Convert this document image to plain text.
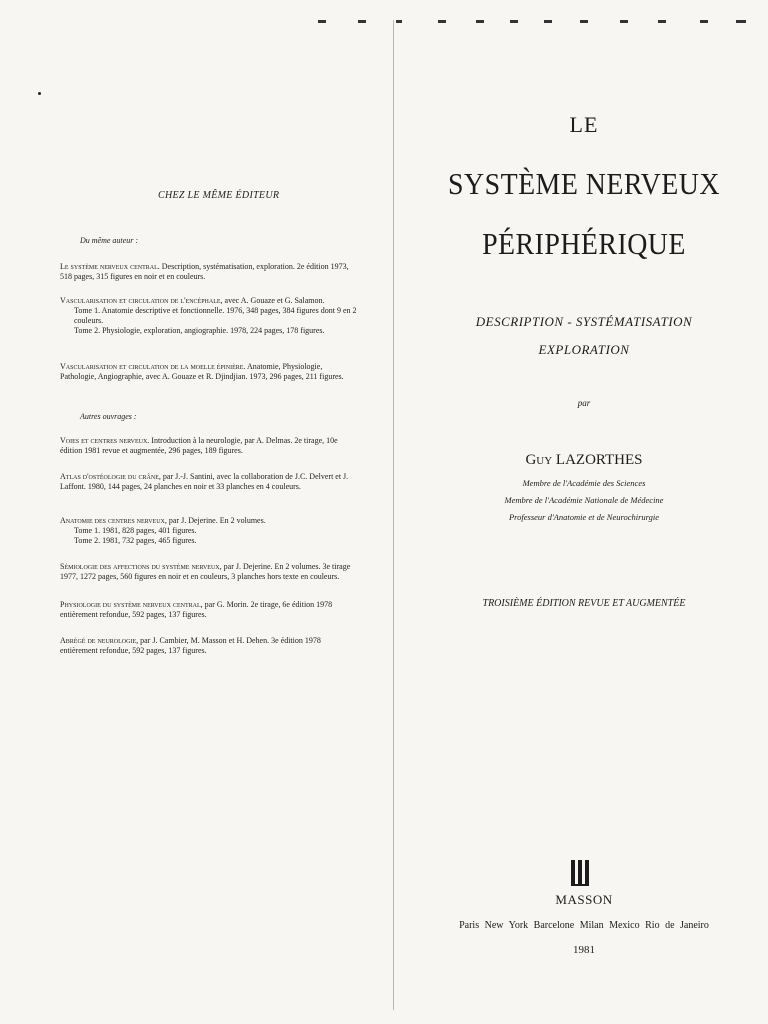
CHEZ LE MÊME ÉDITEUR
Du même auteur :
Le système nerveux central. Description, systématisation, exploration. 2e édition 1973, 518 pages, 315 figures en noir et en couleurs.
Vascularisation et circulation de l'encéphale, avec A. Gouaze et G. Salamon.
Tome 1. Anatomie descriptive et fonctionnelle. 1976, 348 pages, 384 figures dont 9 en 2 couleurs.
Tome 2. Physiologie, exploration, angiographie. 1978, 224 pages, 178 figures.
Vascularisation et circulation de la moelle épinière. Anatomie, Physiologie, Pathologie, Angiographie, avec A. Gouaze et R. Djindjian. 1973, 296 pages, 211 figures.
Autres ouvrages :
Voies et centres nerveux. Introduction à la neurologie, par A. Delmas. 2e tirage, 10e édition 1981 revue et augmentée, 296 pages, 189 figures.
Atlas d'ostéologie du crâne, par J.-J. Santini, avec la collaboration de J.C. Delvert et J. Laffont. 1980, 144 pages, 24 planches en noir et 33 planches en 4 couleurs.
Anatomie des centres nerveux, par J. Dejerine. En 2 volumes.
Tome 1. 1981, 828 pages, 401 figures.
Tome 2. 1981, 732 pages, 465 figures.
Sémiologie des affections du système nerveux, par J. Dejerine. En 2 volumes. 3e tirage 1977, 1272 pages, 560 figures en noir et en couleurs, 3 planches hors texte en couleurs.
Physiologie du système nerveux central, par G. Morin. 2e tirage, 6e édition 1978 entièrement refondue, 592 pages, 137 figures.
Abrégé de neurologie, par J. Cambier, M. Masson et H. Dehen. 3e édition 1978 entièrement refondue, 592 pages, 137 figures.
LE
SYSTÈME NERVEUX
PÉRIPHÉRIQUE
DESCRIPTION - SYSTÉMATISATION
EXPLORATION
par
Guy LAZORTHES
Membre de l'Académie des Sciences
Membre de l'Académie Nationale de Médecine
Professeur d'Anatomie et de Neurochirurgie
TROISIÈME ÉDITION REVUE ET AUGMENTÉE
MASSON
Paris New York Barcelone Milan Mexico Rio de Janeiro
1981
